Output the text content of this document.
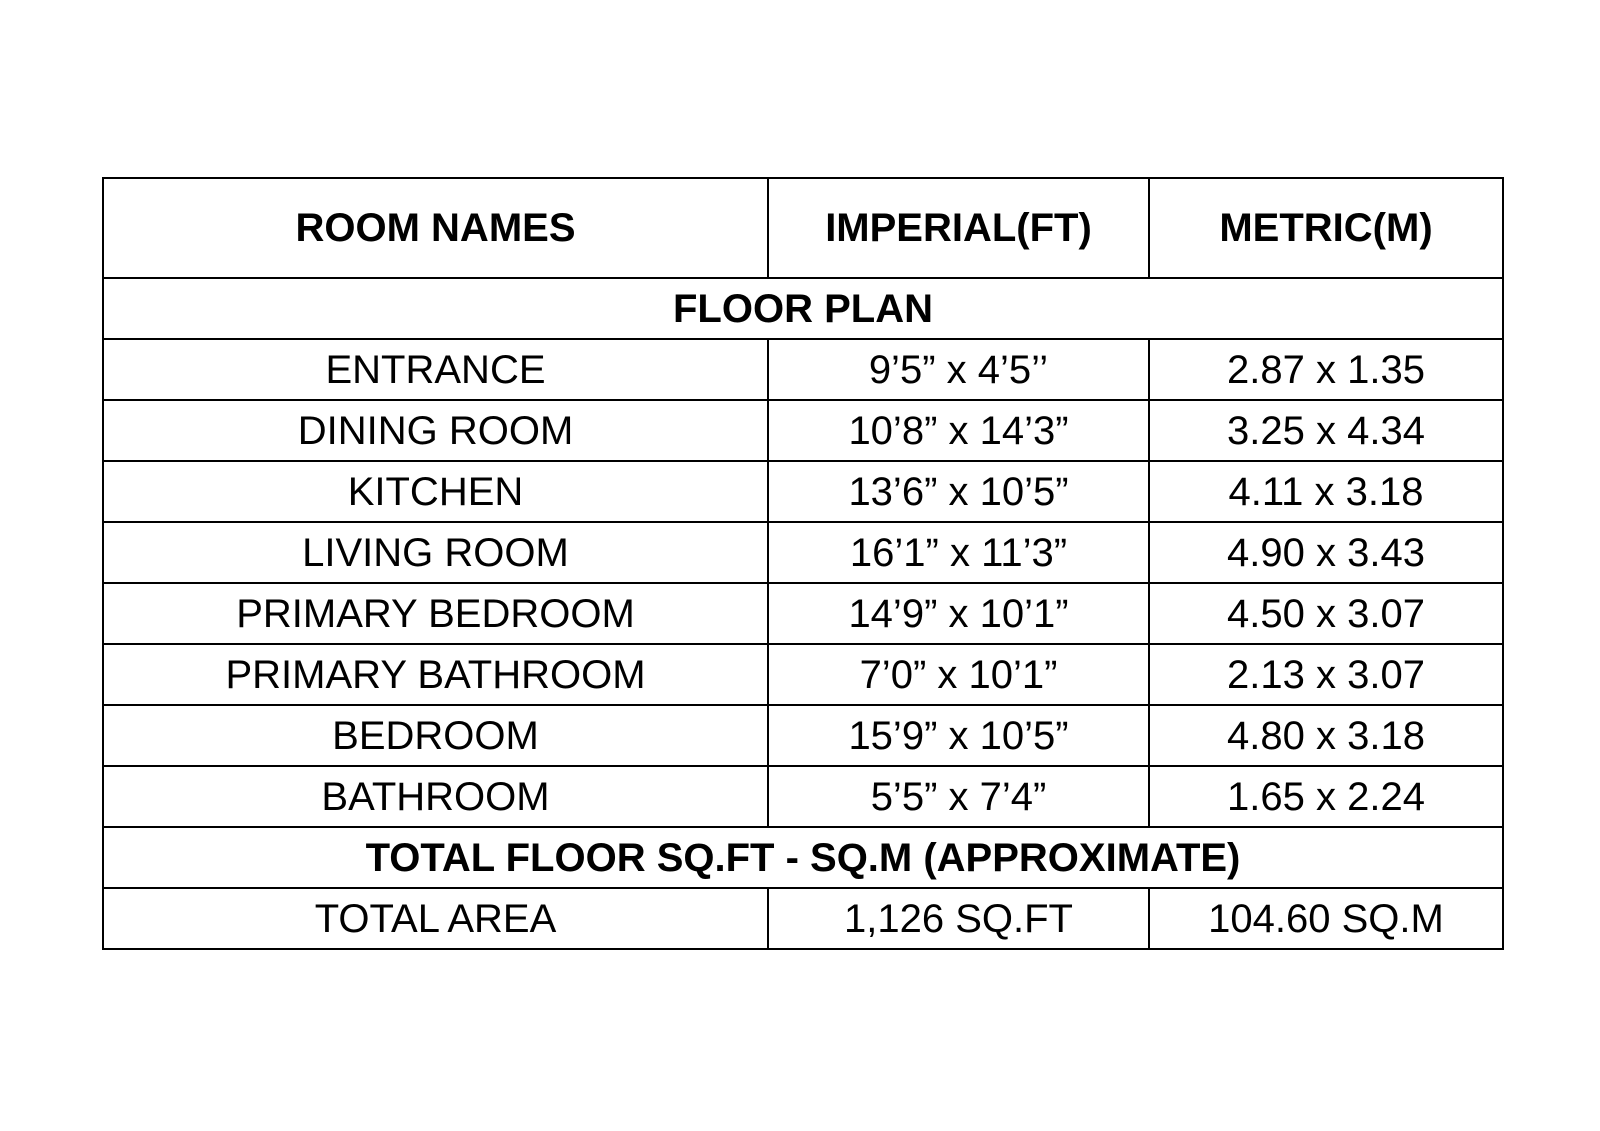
ROOM NAMES	IMPERIAL(FT)	METRIC(M)
FLOOR PLAN		
ENTRANCE	9’5” x 4’5’’	2.87 x 1.35
DINING ROOM	10’8” x 14’3”	3.25 x 4.34
KITCHEN	13’6” x 10’5”	4.11 x 3.18
LIVING ROOM	16’1” x 11’3”	4.90 x 3.43
PRIMARY BEDROOM	14’9” x 10’1”	4.50 x 3.07
PRIMARY BATHROOM	7’0” x 10’1”	2.13 x 3.07
BEDROOM	15’9” x 10’5”	4.80 x 3.18
BATHROOM	5’5” x 7’4”	1.65 x 2.24
TOTAL FLOOR SQ.FT - SQ.M (APPROXIMATE)		
TOTAL AREA	1,126 SQ.FT	104.60 SQ.M
